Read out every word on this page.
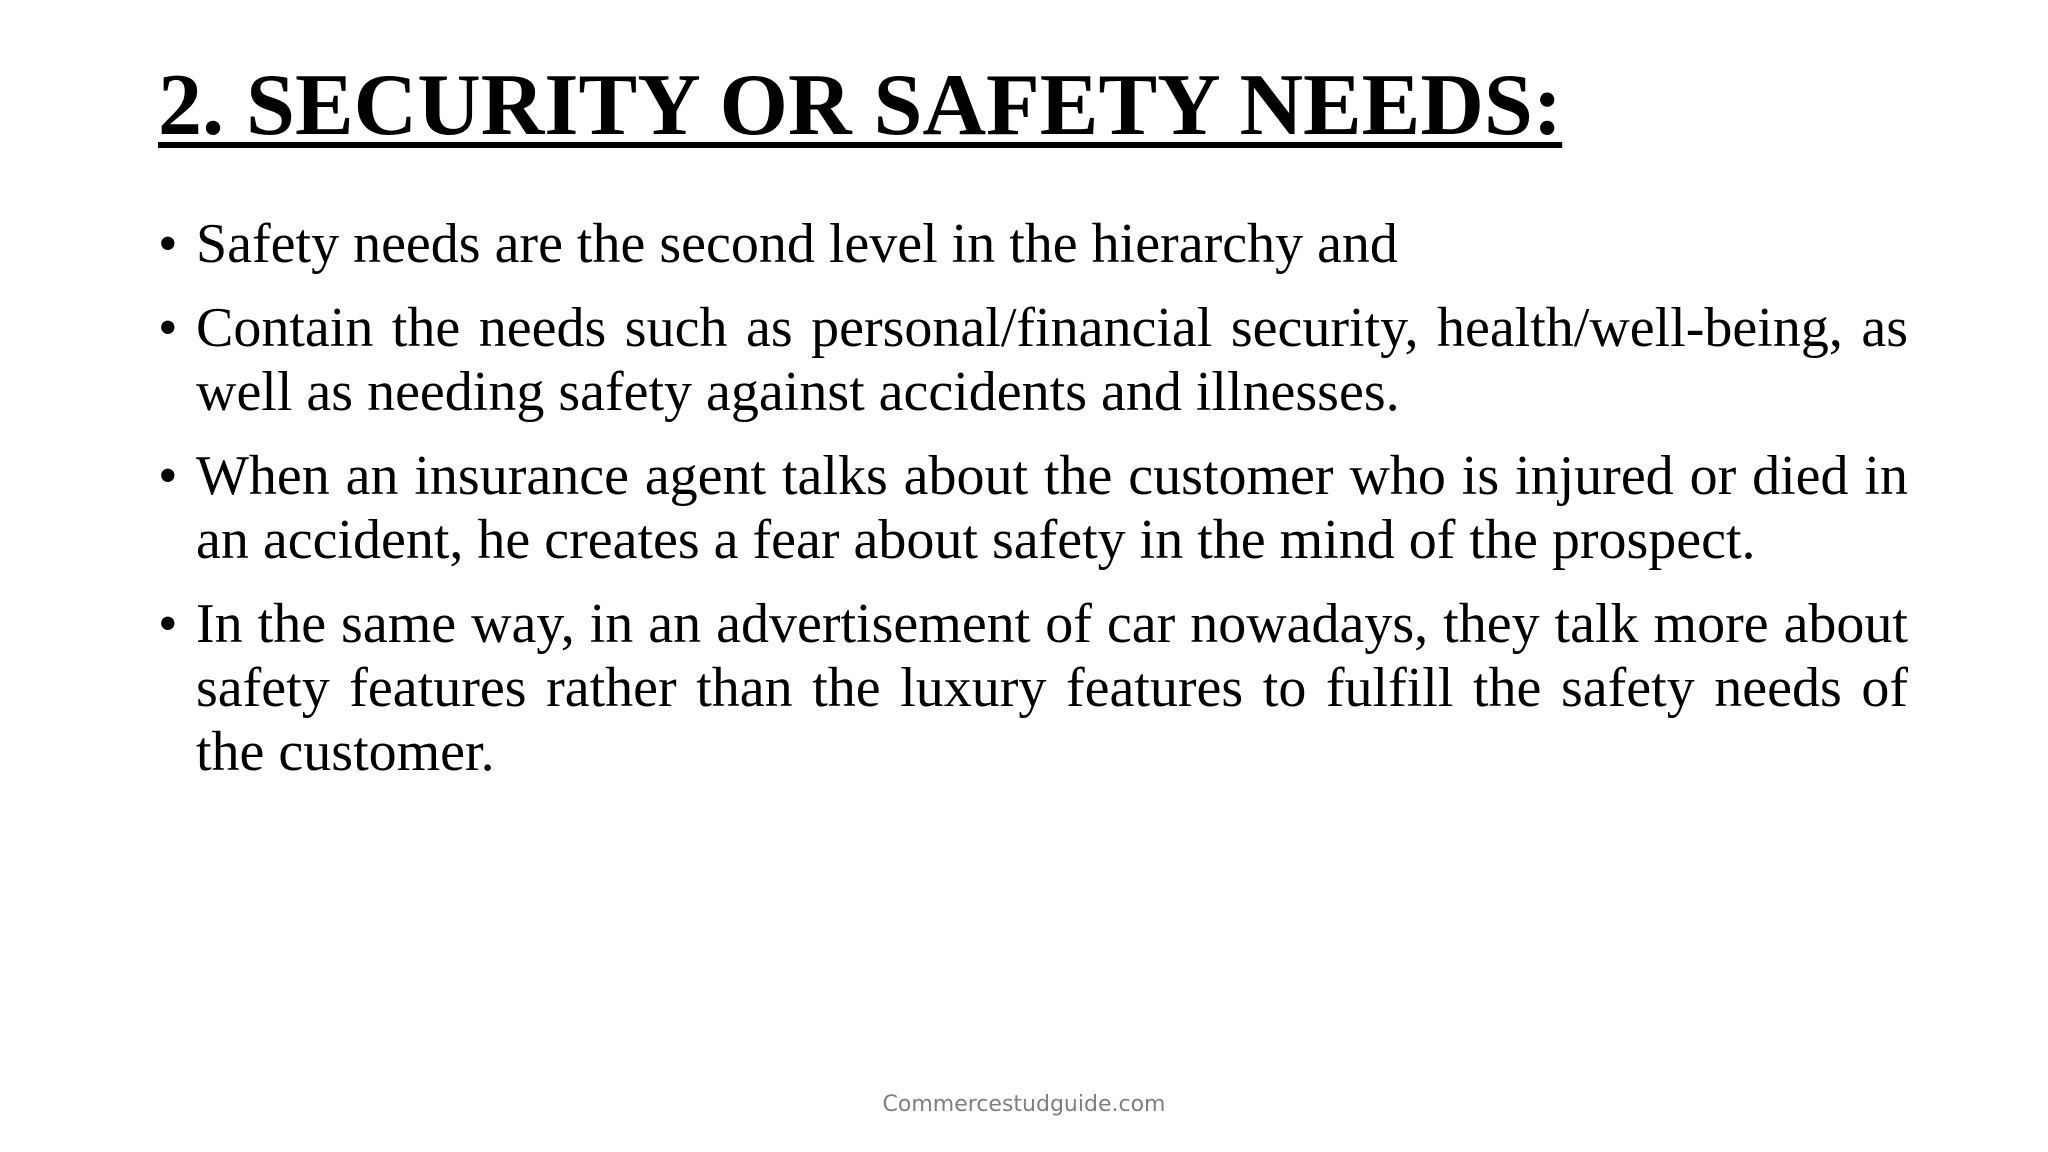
2. SECURITY OR SAFETY NEEDS:
• Safety needs are the second level in the hierarchy and
• Contain the needs such as personal/financial security, health/well-being, as well as needing safety against accidents and illnesses.
• When an insurance agent talks about the customer who is injured or died in an accident, he creates a fear about safety in the mind of the prospect.
• In the same way, in an advertisement of car nowadays, they talk more about safety features rather than the luxury features to fulfill the safety needs of the customer.
Commercestudguide.com
